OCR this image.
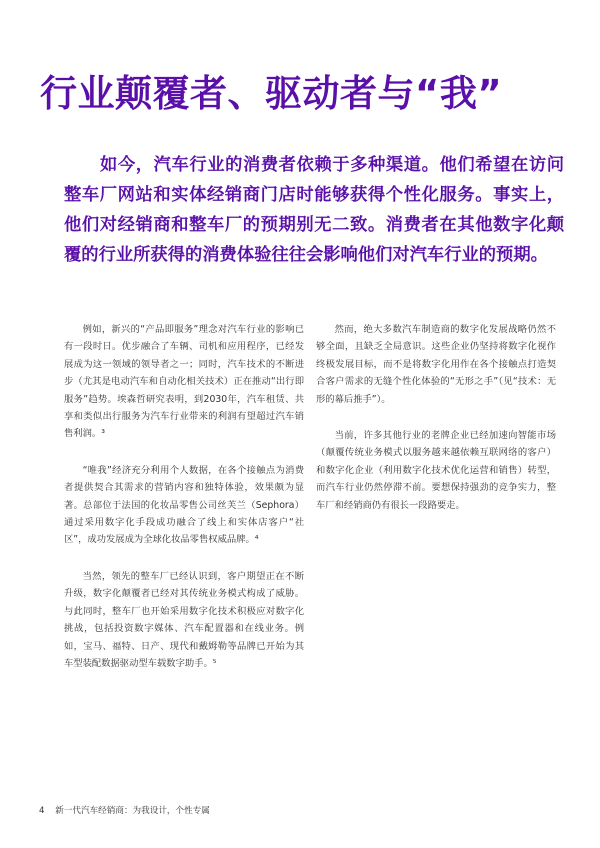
行业颠覆者、驱动者与“我”

如今，汽车行业的消费者依赖于多种渠道。他们希望在访问整车厂网站和实体经销商门店时能够获得个性化服务。事实上，他们对经销商和整车厂的预期别无二致。消费者在其他数字化颠覆的行业所获得的消费体验往往会影响他们对汽车行业的预期。

例如，新兴的“产品即服务”理念对汽车行业的影响已有一段时日。优步融合了车辆、司机和应用程序，已经发展成为这一领域的领导者之一；同时，汽车技术的不断进步（尤其是电动汽车和自动化相关技术）正在推动“出行即服务”趋势。埃森哲研究表明，到2030年，汽车租赁、共享和类似出行服务为汽车行业带来的利润有望超过汽车销售利润。³

“唯我”经济充分利用个人数据，在各个接触点为消费者提供契合其需求的营销内容和独特体验，效果颇为显著。总部位于法国的化妆品零售公司丝芙兰（Sephora）通过采用数字化手段成功融合了线上和实体店客户“社区”，成功发展成为全球化妆品零售权威品牌。⁴

当然，领先的整车厂已经认识到，客户期望正在不断升级，数字化颠覆者已经对其传统业务模式构成了威胁。与此同时，整车厂也开始采用数字化技术积极应对数字化挑战，包括投资数字媒体、汽车配置器和在线业务。例如，宝马、福特、日产、现代和戴姆勒等品牌已开始为其车型装配数据驱动型车载数字助手。⁵

然而，绝大多数汽车制造商的数字化发展战略仍然不够全面，且缺乏全局意识。这些企业仍坚持将数字化视作终极发展目标，而不是将数字化用作在各个接触点打造契合客户需求的无缝个性化体验的“无形之手”（见“技术：无形的幕后推手”）。

当前，许多其他行业的老牌企业已经加速向智能市场（颠覆传统业务模式以服务越来越依赖互联网络的客户）和数字化企业（利用数字化技术优化运营和销售）转型，而汽车行业仍然停滞不前。要想保持强劲的竞争实力，整车厂和经销商仍有很长一段路要走。

4 新一代汽车经销商：为我设计，个性专属
